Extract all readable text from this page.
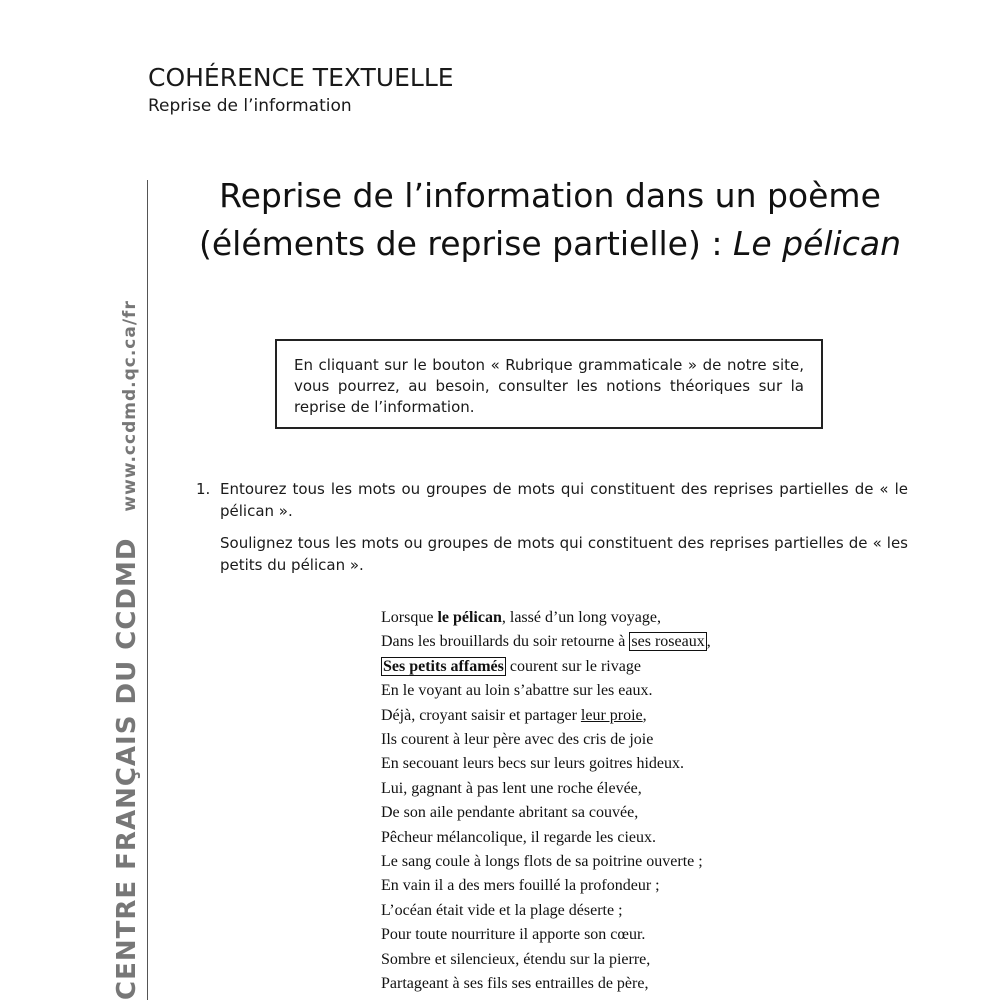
COHÉRENCE TEXTUELLE
Reprise de l’information
CENTRE FRANÇAIS DU CCDMDwww.ccdmd.qc.ca/fr
Reprise de l’information dans un poème
(éléments de reprise partielle) : Le pélican
En cliquant sur le bouton « Rubrique grammaticale » de notre site, vous pourrez, au besoin, consulter les notions théoriques sur la reprise de l’information.
1. Entourez tous les mots ou groupes de mots qui constituent des reprises partielles de « le pélican ».

Soulignez tous les mots ou groupes de mots qui constituent des reprises partielles de « les petits du pélican ».

Lorsque le pélican, lassé d’un long voyage,
Dans les brouillards du soir retourne à ses roseaux ,
Ses petits affamés courent sur le rivage
En le voyant au loin s’abattre sur les eaux.
Déjà, croyant saisir et partager leur proie,
Ils courent à leur père avec des cris de joie
En secouant leurs becs sur leurs goitres hideux.
Lui, gagnant à pas lent une roche élevée,
De son aile pendante abritant sa couvée,
Pêcheur mélancolique, il regarde les cieux.
Le sang coule à longs flots de sa poitrine ouverte ;
En vain il a des mers fouillé la profondeur ;
L’océan était vide et la plage déserte ;
Pour toute nourriture il apporte son cœur.
Sombre et silencieux, étendu sur la pierre,
Partageant à ses fils ses entrailles de père,
